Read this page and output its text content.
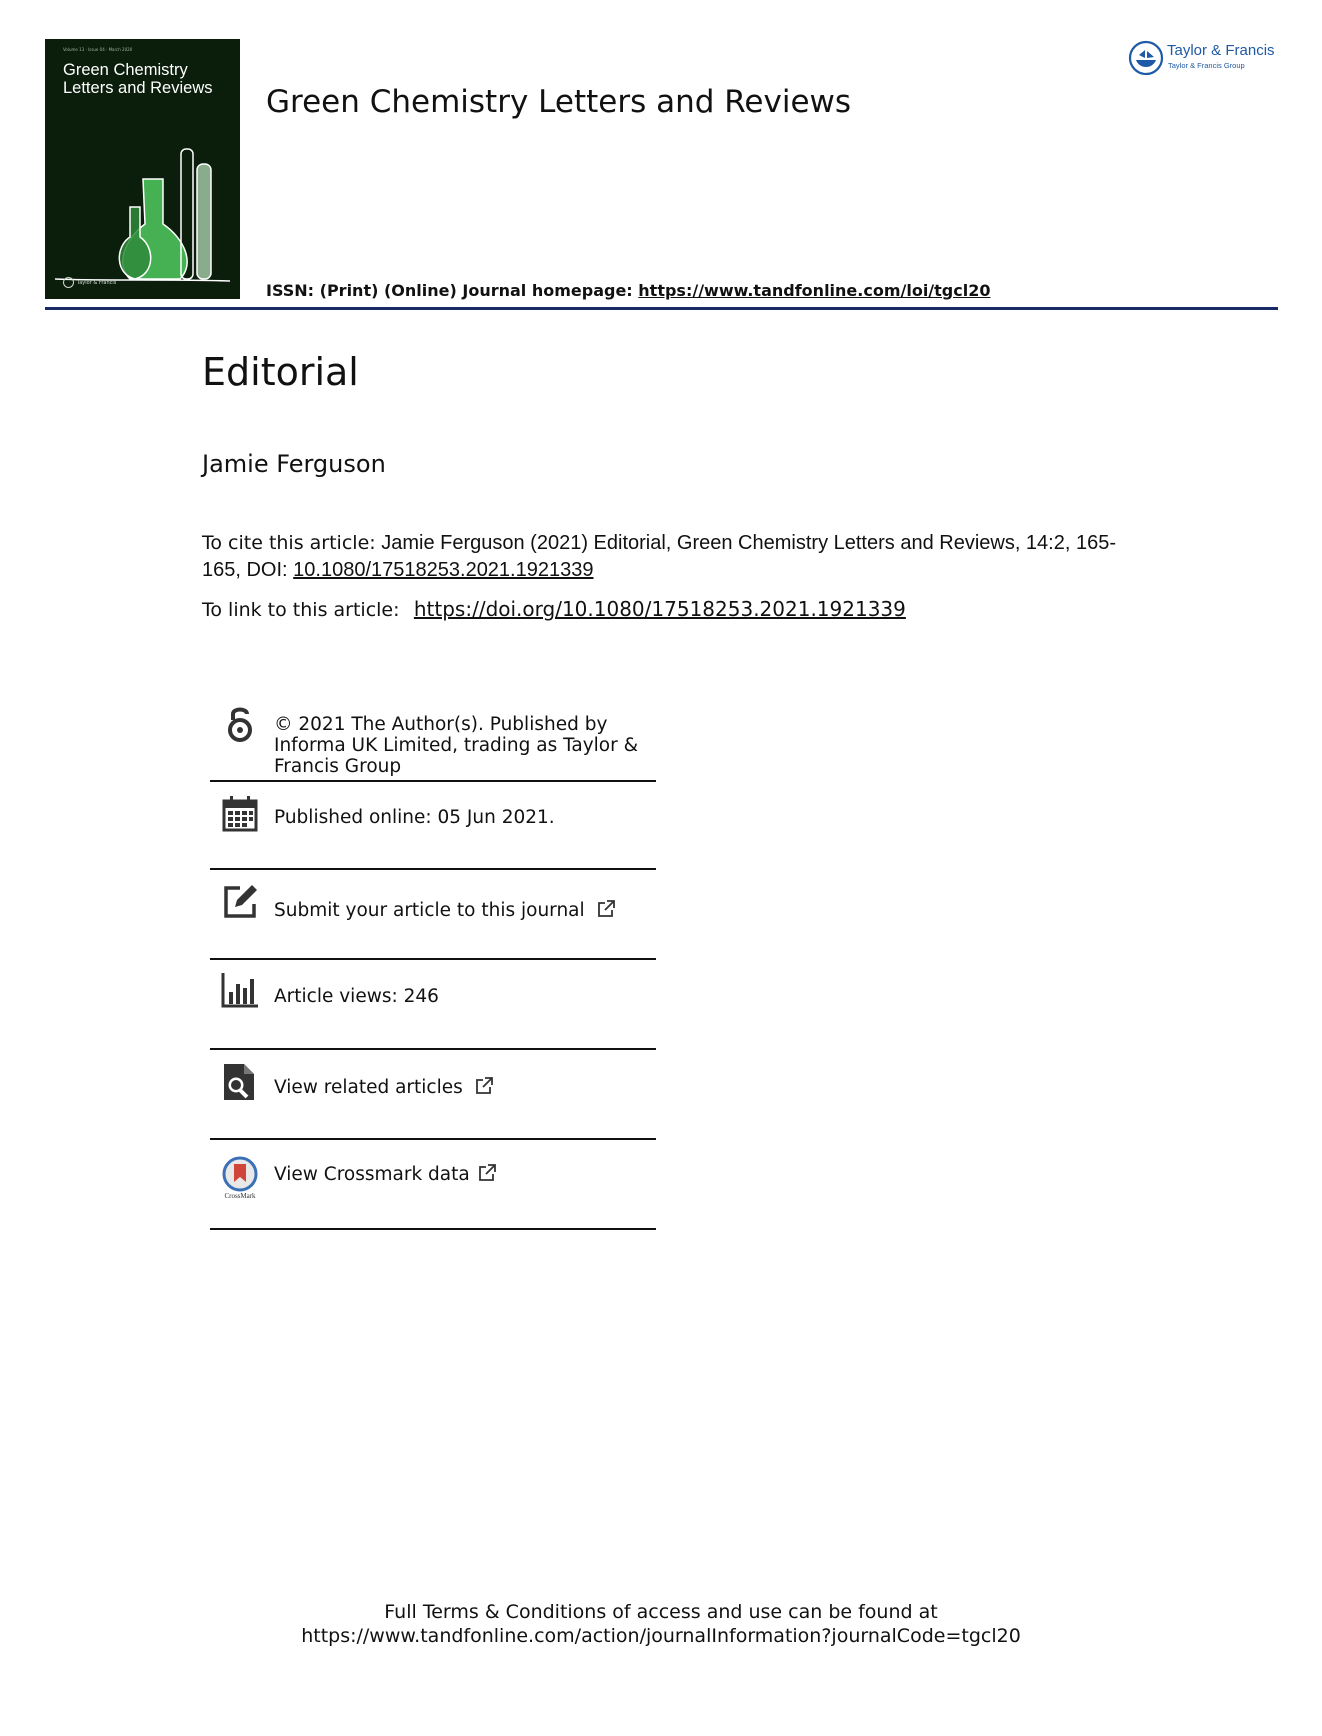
Volume 13 · Issue 04 · March 2020
Green Chemistry Letters and Reviews
Taylor & Francis
Green Chemistry Letters and Reviews
ISSN: (Print) (Online) Journal homepage: https://www.tandfonline.com/loi/tgcl20
Taylor & Francis
Taylor & Francis Group
Editorial
Jamie Ferguson
To cite this article: Jamie Ferguson (2021) Editorial, Green Chemistry Letters and Reviews, 14:2, 165-165, DOI: 10.1080/17518253.2021.1921339
To link to this article: https://doi.org/10.1080/17518253.2021.1921339
© 2021 The Author(s). Published by Informa UK Limited, trading as Taylor & Francis Group
Published online: 05 Jun 2021.
Submit your article to this journal
Article views: 246
View related articles
CrossMark
View Crossmark data
Full Terms & Conditions of access and use can be found at
https://www.tandfonline.com/action/journalInformation?journalCode=tgcl20
